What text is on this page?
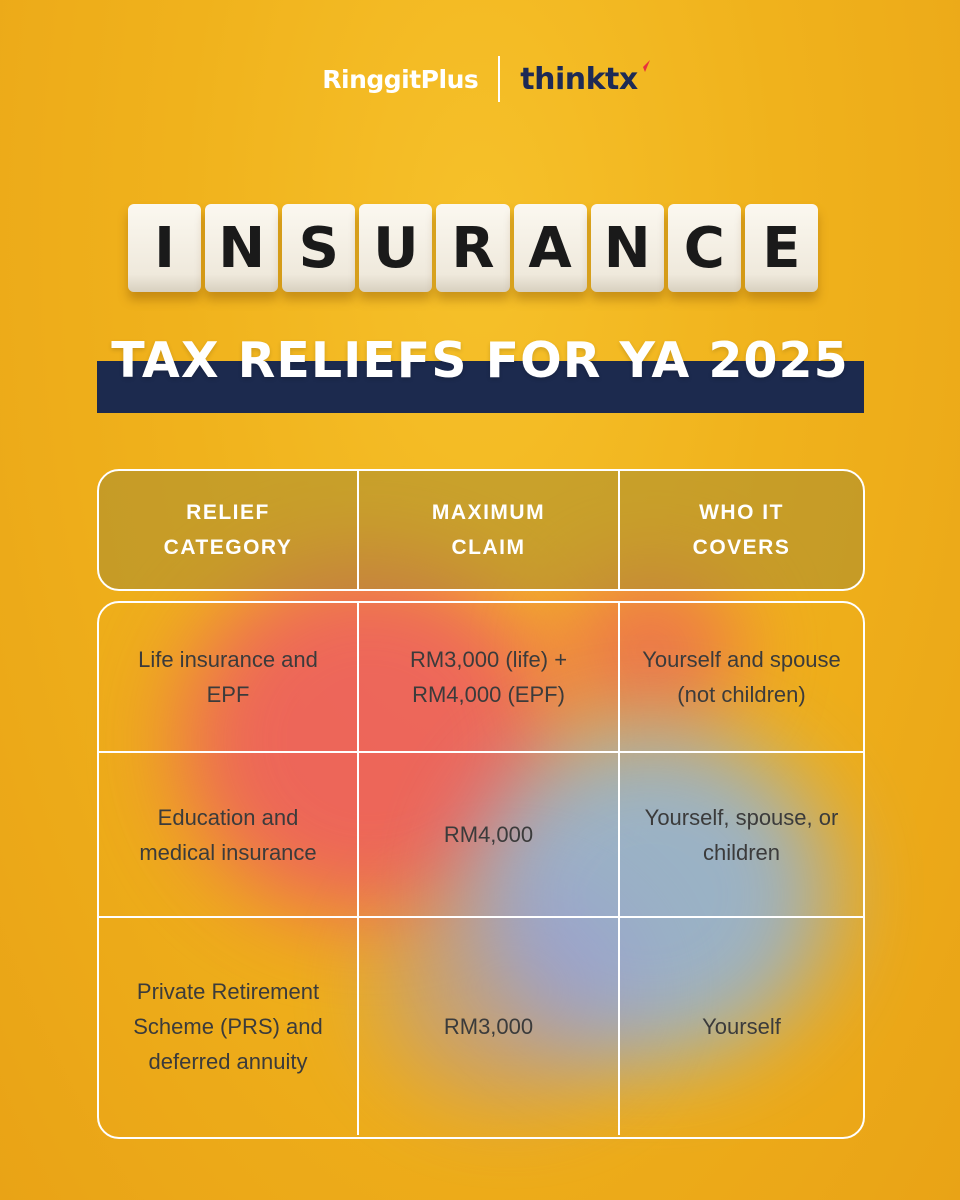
RinggitPlus thinktx
I N S U R A N C E
TAX RELIEFS FOR YA 2025
RELIEF CATEGORY
MAXIMUM CLAIM
WHO IT COVERS
Life insurance and EPF
RM3,000 (life) + RM4,000 (EPF)
Yourself and spouse (not children)
Education and medical insurance
RM4,000
Yourself, spouse, or children
Private Retirement Scheme (PRS) and deferred annuity
RM3,000	Yourself
